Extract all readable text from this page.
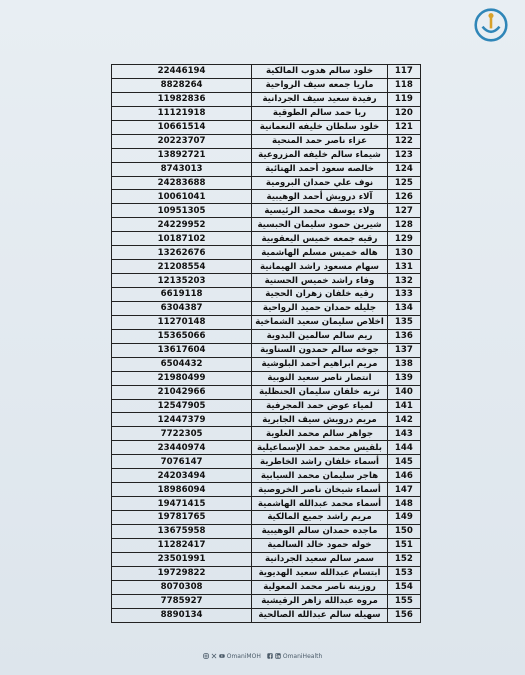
22446194	خلود سالم هدوب المالكية	117
8828264	ماريا جمعه سيف الرواحية	118
11982836	رفيدة سعيد سيف الجردانية	119
11121918	ربا حمد سالم الطوقية	120
10661514	خلود سلطان خليفه النعمانية	121
20223707	عزاء ناصر حمد المنحية	122
13892721	شيماء سالم خليفه المزروعية	123
8743013	خالصه سعود أحمد الهنائية	124
24283688	نوف علي حمدان البرومية	125
10061041	آلاء درويش أحمد الوهيبية	126
10951305	ولاء يوسف محمد الرئيسية	127
24229952	شيرين حمود سليمان الحبسية	128
10187102	رقيه جمعه خميس اليعقوبية	129
13262676	هاله خميس مسلم الهاشمية	130
21208554	سهام مسعود راشد الهيمانية	131
12135203	وفاء راشد خميس الحسنية	132
6619118	رقيه خلفان زهران الحجية	133
6304387	جليله حمدان حميد الرواحية	134
11270148	اخلاص سليمان سعيد الشماخية	135
15365066	ريم سالم سالمين البدوية	136
13617604	جوخه سالم حمدون السناوية	137
6504432	مريم ابراهيم أحمد البلوشية	138
21980499	انتصار ناصر سعيد النوبية	139
21042966	ثريه خلفان سليمان الحنظلية	140
12547905	لمياء عوض حمد المجرفية	141
12447379	مريم درويش سيف الجابرية	142
7722305	جواهر سالم محمد العلوية	143
23440974	بلقيس محمد حمد الإسماعيلية	144
7076147	أسماء خلفان راشد الخاطرية	145
24203494	هاجر سليمان محمد السيابية	146
18986094	أسماء شيخان ناصر الخروصية	147
19471415	أسماء محمد عبدالله الهاشمية	148
19781765	مريم راشد جميع المالكية	149
13675958	ماجده حمدان سالم الوهيبية	150
11282417	خوله حمود خالد السالمية	151
23501991	سمر سالم سعيد الجردانية	152
19729822	ابتسام عبدالله سعيد الهديوية	153
8070308	روزينه ناصر محمد المعولية	154
7785927	مروه عبدالله زاهر الرقيشية	155
8890134	سهيله سالم عبدالله الصالحية	156
OmaniMOH	OmaniHealth
